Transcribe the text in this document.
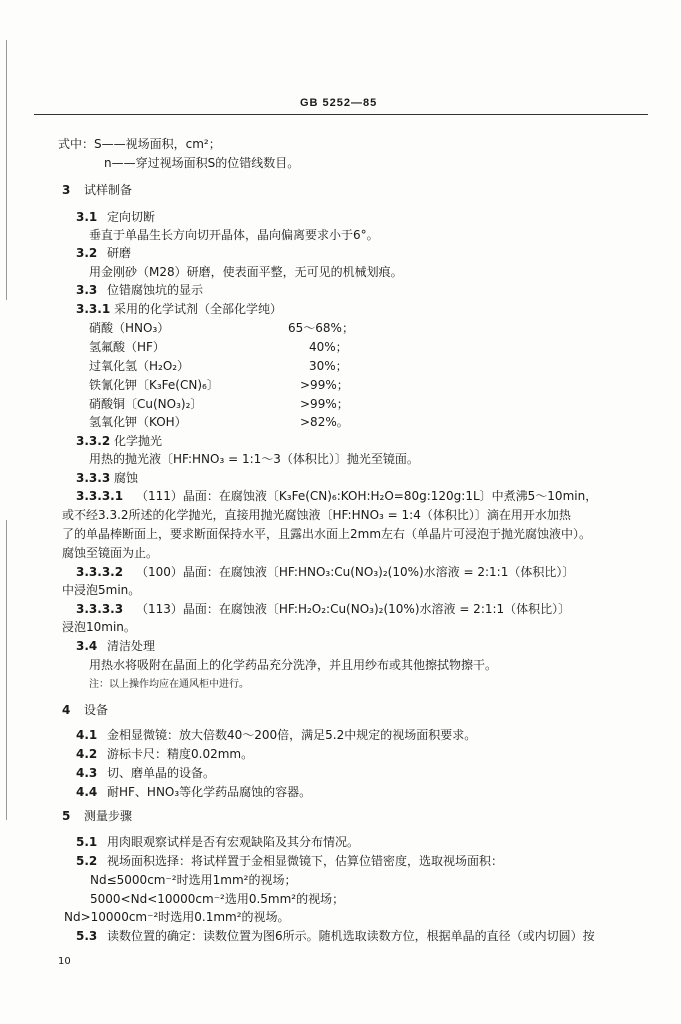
GB 5252—85
式中：S——视场面积，cm²；
n——穿过视场面积S的位错线数目。
3 试样制备
3.1 定向切断
垂直于单晶生长方向切开晶体，晶向偏离要求小于6°。
3.2 研磨
用金刚砂（M28）研磨，使表面平整，无可见的机械划痕。
3.3 位错腐蚀坑的显示
3.3.1 采用的化学试剂（全部化学纯）
硝酸（HNO₃）	65～68%；
氢氟酸（HF）	40%；
过氧化氢（H₂O₂）	30%；
铁氰化钾〔K₃Fe(CN)₆〕	>99%；
硝酸铜〔Cu(NO₃)₂〕	>99%；
氢氧化钾（KOH）	>82%。
3.3.2 化学抛光
用热的抛光液〔HF:HNO₃ = 1:1～3（体积比）〕抛光至镜面。
3.3.3 腐蚀
3.3.3.1 （111）晶面：在腐蚀液〔K₃Fe(CN)₆:KOH:H₂O=80g:120g:1L〕中煮沸5～10min，
或不经3.3.2所述的化学抛光，直接用抛光腐蚀液〔HF:HNO₃ = 1:4（体积比）〕滴在用开水加热
了的单晶棒断面上，要求断面保持水平，且露出水面上2mm左右（单晶片可浸泡于抛光腐蚀液中）。
腐蚀至镜面为止。
3.3.3.2 （100）晶面：在腐蚀液〔HF:HNO₃:Cu(NO₃)₂(10%)水溶液 = 2:1:1（体积比）〕
中浸泡5min。
3.3.3.3 （113）晶面：在腐蚀液〔HF:H₂O₂:Cu(NO₃)₂(10%)水溶液 = 2:1:1（体积比）〕
浸泡10min。
3.4 清洁处理
用热水将吸附在晶面上的化学药品充分洗净，并且用纱布或其他擦拭物擦干。
注：以上操作均应在通风柜中进行。
4 设备
4.1 金相显微镜：放大倍数40～200倍，满足5.2中规定的视场面积要求。
4.2 游标卡尺：精度0.02mm。
4.3 切、磨单晶的设备。
4.4 耐HF、HNO₃等化学药品腐蚀的容器。
5 测量步骤
5.1 用肉眼观察试样是否有宏观缺陷及其分布情况。
5.2 视场面积选择：将试样置于金相显微镜下，估算位错密度，选取视场面积：
Nd≤5000cm⁻²时选用1mm²的视场；
5000<Nd<10000cm⁻²选用0.5mm²的视场；
Nd>10000cm⁻²时选用0.1mm²的视场。
5.3 读数位置的确定：读数位置为图6所示。随机选取读数方位，根据单晶的直径（或内切圆）按
10
